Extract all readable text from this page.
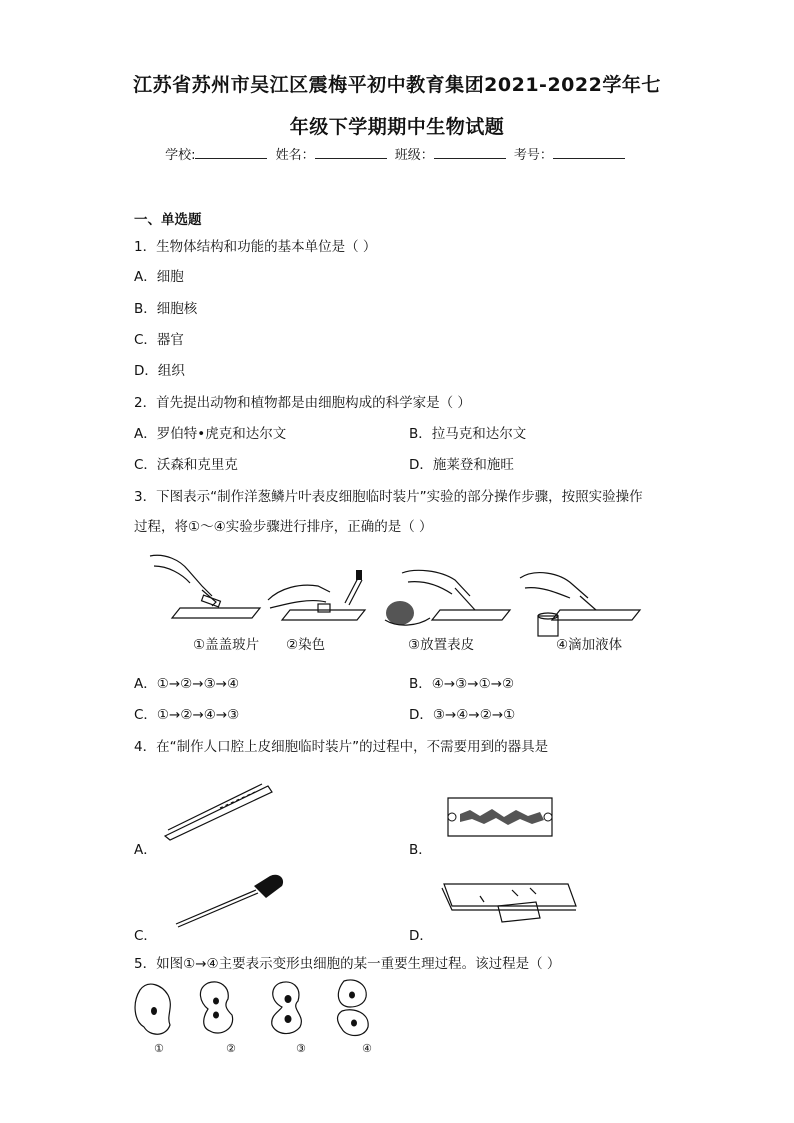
江苏省苏州市吴江区震梅平初中教育集团2021-2022学年七
年级下学期期中生物试题
学校:	姓名：	班级：	考号：
一、单选题
1．生物体结构和功能的基本单位是（ ）
A．细胞
B．细胞核
C．器官
D．组织
2．首先提出动物和植物都是由细胞构成的科学家是（ ）
A．罗伯特•虎克和达尔文	B．拉马克和达尔文
C．沃森和克里克	D．施莱登和施旺
3．下图表示“制作洋葱鳞片叶表皮细胞临时装片”实验的部分操作步骤，按照实验操作
过程，将①～④实验步骤进行排序，正确的是（ ）
①盖盖玻片 ②染色	③放置表皮	④滴加液体
A．①→②→③→④	B．④→③→①→②
C．①→②→④→③	D．③→④→②→①
4．在“制作人口腔上皮细胞临时装片”的过程中，不需要用到的器具是
A．	B．
C．	D．
5．如图①→④主要表示变形虫细胞的某一重要生理过程。该过程是（ ）
①	②	③	④
